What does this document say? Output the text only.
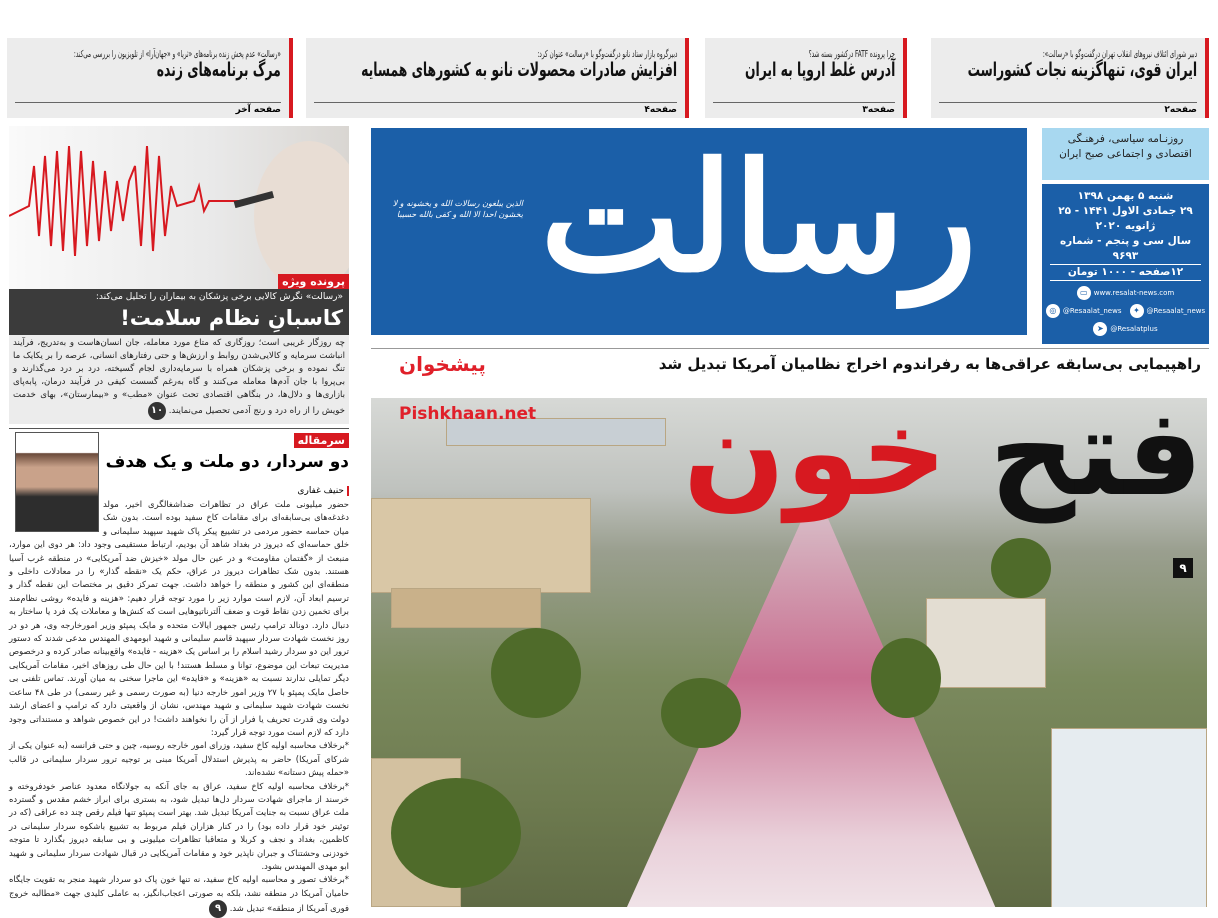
دبیر شورای ائتلاف نیروهای انقلاب تهران درگفت‌وگو با «رسالت»:
ایران قوی، تنهاگزینه نجات کشوراست
صفحه۲
چرا پرونده FATF درکشور بسته شد؟
آدرس غلط اروپا به ایران
صفحه۳
دبیرگروه بازار ستاد نانو درگفت‌وگو با «رسالت» عنوان کرد:
افزایش صادرات محصولات نانو به کشورهای همسایه
صفحه۴
«رسالت» عدم پخش زنده برنامه‌های «ثریا» و «جهان‌آرا» از تلویزیون را بررسی می‌کند:
مرگ برنامه‌های زنده
صفحه آخر
پرونده ویژه
«رسالت» نگرش کالایی برخی پزشکان به بیماران را تحلیل می‌کند:
کاسبانِ نظام سلامت!
چه روزگار غریبی است؛ روزگاری که متاع مورد معامله، جان انسان‌هاست و به‌تدریج، فرآیند انباشت سرمایه و کالایی‌شدن روابط و ارزش‌ها و حتی رفتارهای انسانی، عرصه را بر یکایک ما تنگ نموده و برخی پزشکان همراه با سرمایه‌داری لجام گسیخته، درد بر درد می‌گذارند و بی‌پروا با جان آدم‌ها معامله می‌کنند و گاه به‌رغم گسست کیفی در فرآیند درمان، پابه‌پای بازاری‌ها و دلال‌ها، در بنگاهی اقتصادی تحت عنوان «مطب» و «بیمارستان»، بهای خدمت خویش را از راه درد و رنج آدمی تحصیل می‌نمایند. ۱۰
سرمقاله
دو سردار، دو ملت و یک هدف
حنیف غفاری

حضور میلیونی ملت عراق در تظاهرات ضداشغالگری اخیر، مولد دغدغه‌های بی‌سابقه‌ای برای مقامات کاخ سفید بوده است. بدون شک میان حماسه حضور مردمی در تشییع پیکر پاک شهید سپهبد سلیمانی و خلق حماسه‌ای که دیروز در بغداد شاهد آن بودیم، ارتباط مستقیمی وجود داد: هر دوی این موارد، منبعث از «گفتمان مقاومت» و در عین حال مولد «خیزش ضد آمریکایی» در منطقه غرب آسیا هستند. بدون شک تظاهرات دیروز در عراق، حکم یک «نقطه گذار» را در معادلات داخلی و منطقه‌ای این کشور و منطقه را خواهد داشت. جهت تمرکز دقیق بر مختصات این نقطه گذار و ترسیم ابعاد آن، لازم است موارد زیر را مورد توجه قرار دهیم: «هزینه و فایده» روشی نظام‌مند برای تخمین زدن نقاط قوت و ضعف آلترناتیوهایی است که کنش‌ها و معاملات یک فرد یا ساختار به دنبال دارد. دونالد ترامپ رئیس جمهور ایالات متحده و مایک پمپئو وزیر امورخارجه وی، هر دو در روز نخست شهادت سردار سپهبد قاسم سلیمانی و شهید ابومهدی المهندس مدعی شدند که دستور ترور این دو سردار رشید اسلام را بر اساس یک «هزینه - فایده» واقع‌بینانه صادر کرده و درخصوص مدیریت تبعات این موضوع، توانا و مسلط هستند! با این حال طی روزهای اخیر، مقامات آمریکایی دیگر تمایلی ندارند نسبت به «هزینه» و «فایده» این ماجرا سخنی به میان آورند. تماس تلفنی بی حاصل مایک پمپئو با ۲۷ وزیر امور خارجه دنیا (به صورت رسمی و غیر رسمی) در طی ۴۸ ساعت نخست شهادت شهید سلیمانی و شهید مهندس، نشان از واقعیتی دارد که ترامپ و اعضای ارشد دولت وی قدرت تحریف یا فرار از آن را نخواهند داشت! در این خصوص شواهد و مستنداتی وجود دارد که لازم است مورد توجه قرار گیرد:

*برخلاف محاسبه اولیه کاخ سفید، وزرای امور خارجه روسیه، چین و حتی فرانسه (به عنوان یکی از شرکای آمریکا) حاضر به پذیرش استدلال آمریکا مبنی بر توجیه ترور سردار سلیمانی در قالب «حمله پیش دستانه» نشده‌اند.

*برخلاف محاسبه اولیه کاخ سفید، عراق به جای آنکه به جولانگاه معدود عناصر خودفروخته و خرسند از ماجرای شهادت سردار دل‌ها تبدیل شود، به بستری برای ابراز خشم مقدس و گسترده ملت عراق نسبت به جنایت آمریکا تبدیل شد. بهتر است پمپئو تنها فیلم رقص چند ده عراقی (که در توئیتر خود قرار داده بود) را در کنار هزاران فیلم مربوط به تشییع باشکوه سردار سلیمانی در کاظمین، بغداد و نجف و کربلا و متعاقبا تظاهرات میلیونی و بی سابقه دیروز بگذارد تا متوجه خودزنی وحشتناک و جبران ناپذیر خود و مقامات آمریکایی در قبال شهادت سردار سلیمانی و شهید ابو مهدی المهندس بشود.

*برخلاف تصور و محاسبه اولیه کاخ سفید، نه تنها خون پاک دو سردار شهید منجر به تقویت جایگاه حامیان آمریکا در منطقه نشد، بلکه به صورتی اعجاب‌انگیز، به عاملی کلیدی جهت «مطالبه خروج فوری آمریکا از منطقه» تبدیل شد. ۹

رسالت
الذین یبلغون رسالات الله و یخشونه و لا یخشون احدا الا الله و کفی بالله حسیبا
روزنـامه سیاسی، فرهنـگی
اقتصادی و اجتماعی صبح ایران
شنبه ۵ بهمن ۱۳۹۸
۲۹ جمادی الاول ۱۴۴۱ - ۲۵ ژانویه ۲۰۲۰
سال سی و پنجم - شماره ۹۶۹۳
۱۲صفحه - ۱۰۰۰ تومان
▭ www.resalat-news.com
◎ @Resaalat_news	✦ @Resaalat_news
➤ @Resalatplus
راهپیمایی بی‌سابقه عراقی‌ها به رفراندوم اخراج نظامیان آمریکا تبدیل شد
فتح خون
۹
پیشخوان
Pishkhaan.net
